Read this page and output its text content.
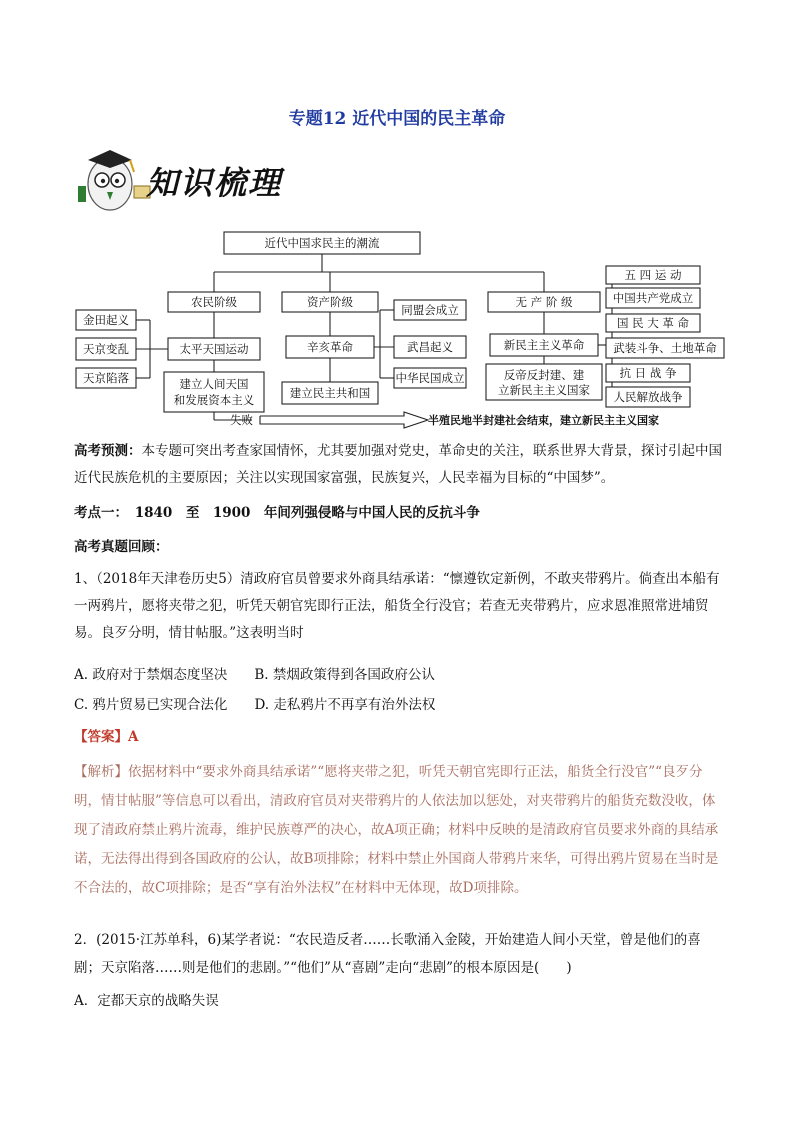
专题12 近代中国的民主革命
知识梳理
近代中国求民主的潮流
农民阶级
太平天国运动
建立人间天国
和发展资本主义
金田起义
天京变乱
天京陷落
资产阶级
辛亥革命
建立民主共和国
同盟会成立
武昌起义
中华民国成立
无 产 阶 级
新民主主义革命
反帝反封建、建
立新民主主义国家
五 四 运 动
中国共产党成立
国 民 大 革 命
武装斗争、土地革命
抗 日 战 争
人民解放战争
失败	半殖民地半封建社会结束，建立新民主主义国家
高考预测：本专题可突出考查家国情怀，尤其要加强对党史，革命史的关注，联系世界大背景，探讨引起中国近代民族危机的主要原因；关注以实现国家富强，民族复兴，人民幸福为目标的“中国梦”。
考点一：　1840　至　1900　年间列强侵略与中国人民的反抗斗争
高考真题回顾：
1、（2018年天津卷历史5）清政府官员曾要求外商具结承诺：“懔遵钦定新例，不敢夹带鸦片。倘查出本船有一两鸦片，愿将夹带之犯，听凭天朝官宪即行正法，船货全行没官；若查无夹带鸦片，应求恩准照常进埔贸易。良歹分明，情甘帖服。”这表明当时
A. 政府对于禁烟态度坚决　　 B. 禁烟政策得到各国政府公认
C. 鸦片贸易已实现合法化　　 D. 走私鸦片不再享有治外法权
【答案】A
【解析】依据材料中“要求外商具结承诺”“愿将夹带之犯，听凭天朝官宪即行正法，船货全行没官”“良歹分明，情甘帖服”等信息可以看出，清政府官员对夹带鸦片的人依法加以惩处，对夹带鸦片的船货充数没收，体现了清政府禁止鸦片流毒，维护民族尊严的决心，故A项正确；材料中反映的是清政府官员要求外商的具结承诺，无法得出得到各国政府的公认，故B项排除；材料中禁止外国商人带鸦片来华，可得出鸦片贸易在当时是不合法的，故C项排除；是否“享有治外法权”在材料中无体现，故D项排除。
2．(2015·江苏单科，6)某学者说：“农民造反者……长歌涌入金陵，开始建造人间小天堂，曾是他们的喜剧；天京陷落……则是他们的悲剧。”“他们”从“喜剧”走向“悲剧”的根本原因是(　　)
A．定都天京的战略失误
